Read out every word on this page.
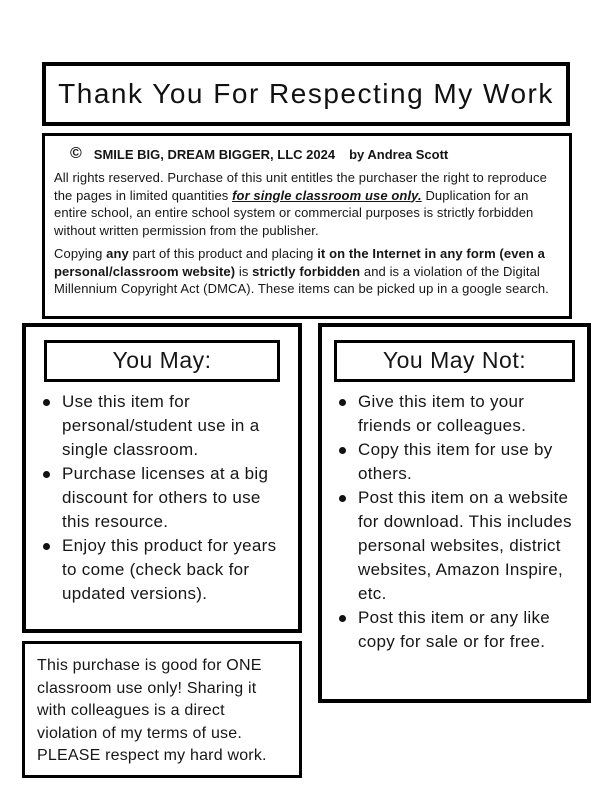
Thank You For Respecting My Work
© SMILE BIG, DREAM BIGGER, LLC 2024 by Andrea Scott

All rights reserved. Purchase of this unit entitles the purchaser the right to reproduce the pages in limited quantities for single classroom use only. Duplication for an entire school, an entire school system or commercial purposes is strictly forbidden without written permission from the publisher.

Copying any part of this product and placing it on the Internet in any form (even a personal/classroom website) is strictly forbidden and is a violation of the Digital Millennium Copyright Act (DMCA). These items can be picked up in a google search.

You May:
Use this item for personal/student use in a single classroom.
Purchase licenses at a big discount for others to use this resource.
Enjoy this product for years to come (check back for updated versions).
You May Not:
Give this item to your friends or colleagues.
Copy this item for use by others.
Post this item on a website for download. This includes personal websites, district websites, Amazon Inspire, etc.
Post this item or any like copy for sale or for free.

This purchase is good for ONE classroom use only! Sharing it with colleagues is a direct violation of my terms of use. PLEASE respect my hard work.
